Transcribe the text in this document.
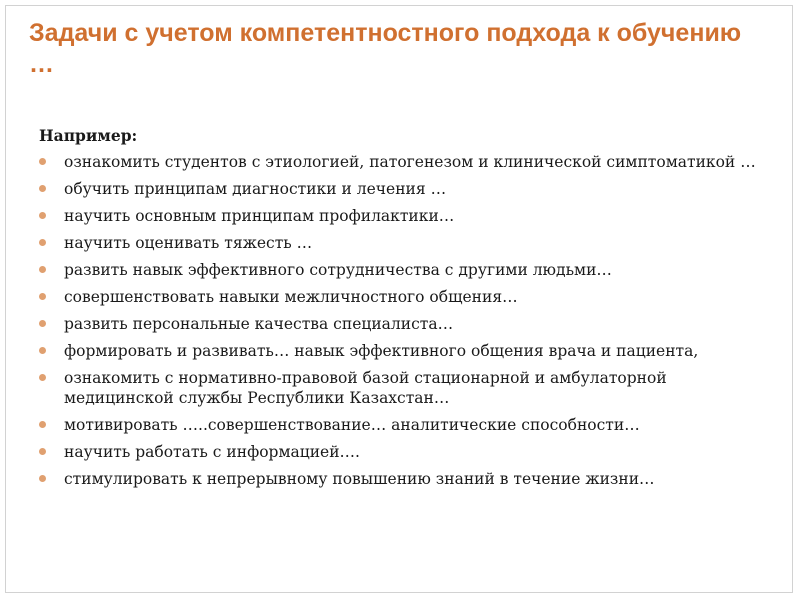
Задачи с учетом компетентностного подхода к обучению
…
Например:
ознакомить студентов с этиологией, патогенезом и клинической симптоматикой …
обучить принципам диагностики и лечения …
научить основным принципам профилактики…
научить оценивать тяжесть …
развить навык эффективного сотрудничества с другими людьми…
совершенствовать навыки межличностного общения…
развить персональные качества специалиста…
формировать и развивать… навык эффективного общения врача и пациента,
ознакомить с нормативно-правовой базой стационарной и амбулаторной медицинской службы Республики Казахстан…
мотивировать …..совершенствование… аналитические способности…
научить работать с информацией….
стимулировать к непрерывному повышению знаний в течение жизни…
